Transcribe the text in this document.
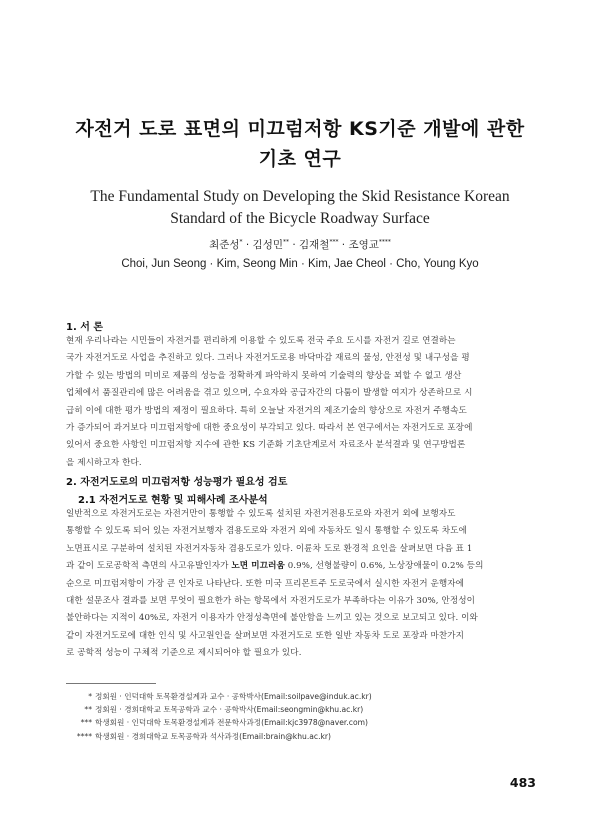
자전거 도로 표면의 미끄럼저항 KS기준 개발에 관한
기초 연구
The Fundamental Study on Developing the Skid Resistance Korean
Standard of the Bicycle Roadway Surface
최준성* · 김성민** · 김재철*** · 조영교****
Choi, Jun Seong · Kim, Seong Min · Kim, Jae Cheol · Cho, Young Kyo
1. 서 론
현재 우리나라는 시민들이 자전거를 편리하게 이용할 수 있도록 전국 주요 도시를 자전거 길로 연결하는
국가 자전거도로 사업을 추진하고 있다. 그러나 자전거도로용 바닥마감 재료의 물성, 안전성 및 내구성을 평
가할 수 있는 방법의 미비로 제품의 성능을 정확하게 파악하지 못하여 기술력의 향상을 꾀할 수 없고 생산
업체에서 품질관리에 많은 어려움을 겪고 있으며, 수요자와 공급자간의 다툼이 발생할 여지가 상존하므로 시
급히 이에 대한 평가 방법의 제정이 필요하다. 특히 오늘날 자전거의 제조기술의 향상으로 자전거 주행속도
가 증가되어 과거보다 미끄럼저항에 대한 중요성이 부각되고 있다. 따라서 본 연구에서는 자전거도로 포장에
있어서 중요한 사항인 미끄럼저항 지수에 관한 KS 기준화 기초단계로서 자료조사 분석결과 및 연구방법론
을 제시하고자 한다.
2. 자전거도로의 미끄럼저항 성능평가 필요성 검토
2.1 자전거도로 현황 및 피해사례 조사분석
일반적으로 자전거도로는 자전거만이 통행할 수 있도록 설치된 자전거전용도로와 자전거 외에 보행자도
통행할 수 있도록 되어 있는 자전거보행자 겸용도로와 자전거 외에 자동차도 일시 통행할 수 있도록 차도에
노면표시로 구분하여 설치된 자전거자동차 겸용도로가 있다. 이륜차 도로 환경적 요인을 살펴보면 다음 표 1
과 같이 도로공학적 측면의 사고유발인자가 노면 미끄러움 0.9%, 선형불량이 0.6%, 노상장애물이 0.2% 등의
순으로 미끄럼저항이 가장 큰 인자로 나타난다. 또한 미국 프리몬트주 도로국에서 실시한 자전거 운행자에
대한 설문조사 결과를 보면 무엇이 필요한가 하는 항목에서 자전거도로가 부족하다는 이유가 30%, 안정성이
불안하다는 지적이 40%로, 자전거 이용자가 안정성측면에 불안함을 느끼고 있는 것으로 보고되고 있다. 이와
같이 자전거도로에 대한 인식 및 사고원인을 살펴보면 자전거도로 또한 일반 자동차 도로 포장과 마찬가지
로 공학적 성능이 구체적 기준으로 제시되어야 할 필요가 있다.
* 정회원 · 인덕대학 토목환경설계과 교수 · 공학박사(Email:soilpave@induk.ac.kr)
** 정회원 · 경희대학교 토목공학과 교수 · 공학박사(Email:seongmin@khu.ac.kr)
*** 학생회원 · 인덕대학 토목환경설계과 전문학사과정(Email:kjc3978@naver.com)
**** 학생회원 · 경희대학교 토목공학과 석사과정(Email:brain@khu.ac.kr)
483
